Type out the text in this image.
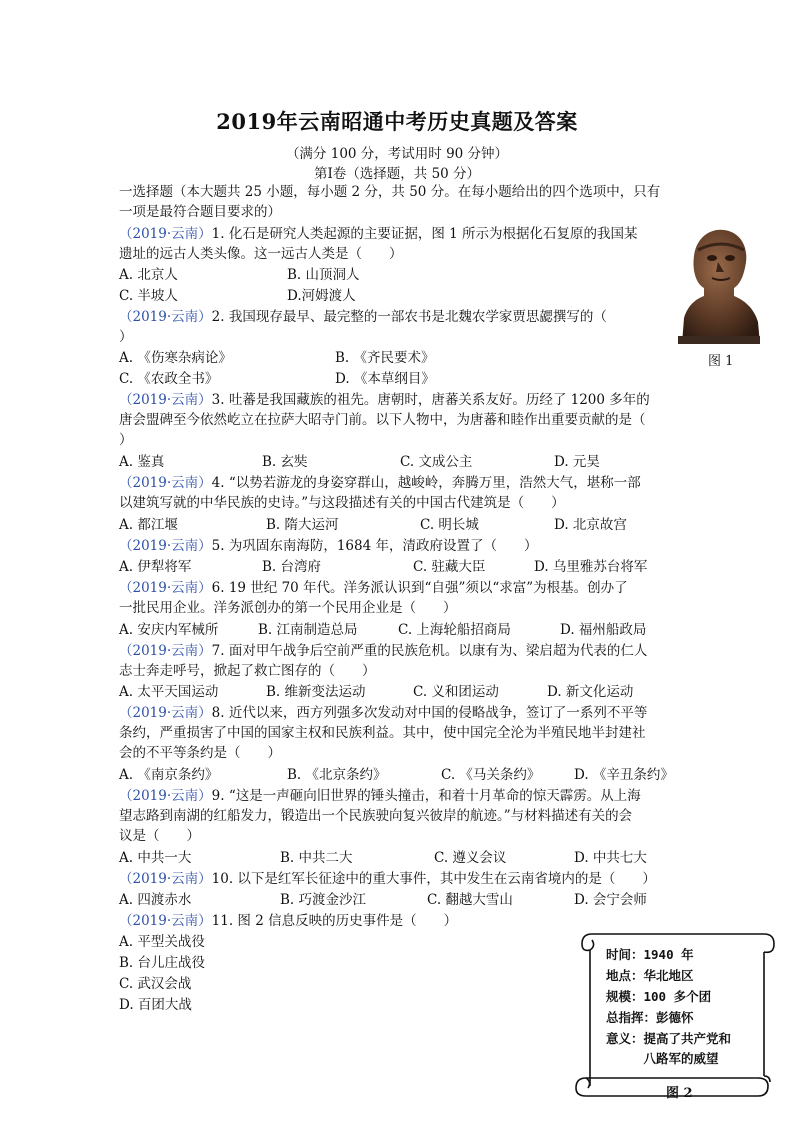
2019年云南昭通中考历史真题及答案
（满分 100 分，考试用时 90 分钟）
第Ⅰ卷（选择题，共 50 分）
一选择题（本大题共 25 小题，每小题 2 分，共 50 分。在每小题给出的四个选项中，只有
一项是最符合题目要求的）
（2019·云南）1. 化石是研究人类起源的主要证据，图 1 所示为根据化石复原的我国某
遗址的远古人类头像。这一远古人类是（　　）
A. 北京人	B. 山顶洞人
C. 半坡人	D.河姆渡人
图 1
（2019·云南）2. 我国现存最早、最完整的一部农书是北魏农学家贾思勰撰写的（
）
A. 《伤寒杂病论》	B. 《齐民要术》
C. 《农政全书》	D. 《本草纲目》
（2019·云南）3. 吐蕃是我国藏族的祖先。唐朝时，唐蕃关系友好。历经了 1200 多年的
唐会盟碑至今依然屹立在拉萨大昭寺门前。以下人物中，为唐蕃和睦作出重要贡献的是（
）
A. 鉴真	B. 玄奘	C. 文成公主	D. 元昊
（2019·云南）4. “以势若游龙的身姿穿群山，越峻岭，奔腾万里，浩然大气，堪称一部
以建筑写就的中华民族的史诗。”与这段描述有关的中国古代建筑是（　　）
A. 都江堰	B. 隋大运河	C. 明长城	D. 北京故宫
（2019·云南）5. 为巩固东南海防，1684 年，清政府设置了（　　）
A. 伊犁将军	B. 台湾府	C. 驻藏大臣	D. 乌里雅苏台将军
（2019·云南）6. 19 世纪 70 年代。洋务派认识到“自强”须以“求富”为根基。创办了
一批民用企业。洋务派创办的第一个民用企业是（　　）
A. 安庆内军械所	B. 江南制造总局	C. 上海轮船招商局	D. 福州船政局
（2019·云南）7. 面对甲午战争后空前严重的民族危机。以康有为、梁启超为代表的仁人
志士奔走呼号，掀起了救亡图存的（　　）
A. 太平天国运动	B. 维新变法运动	C. 义和团运动	D. 新文化运动
（2019·云南）8. 近代以来，西方列强多次发动对中国的侵略战争，签订了一系列不平等
条约，严重损害了中国的国家主权和民族利益。其中，使中国完全沦为半殖民地半封建社
会的不平等条约是（　　）
A. 《南京条约》	B. 《北京条约》	C. 《马关条约》 D. 《辛丑条约》
（2019·云南）9. “这是一声砸向旧世界的锤头撞击，和着十月革命的惊天霹雳。从上海
望志路到南湖的红船发力，锻造出一个民族驶向复兴彼岸的航迹。”与材料描述有关的会
议是（　　）
A. 中共一大	B. 中共二大	C. 遵义会议	D. 中共七大
（2019·云南）10. 以下是红军长征途中的重大事件，其中发生在云南省境内的是（　　）
A. 四渡赤水	B. 巧渡金沙江	C. 翻越大雪山	D. 会宁会师
（2019·云南）11. 图 2 信息反映的历史事件是（　　）
A. 平型关战役
B. 台儿庄战役
C. 武汉会战
D. 百团大战
时间：1940 年
地点：华北地区
规模：100 多个团
总指挥：彭德怀
意义：提高了共产党和
　　　八路军的威望
图 2
